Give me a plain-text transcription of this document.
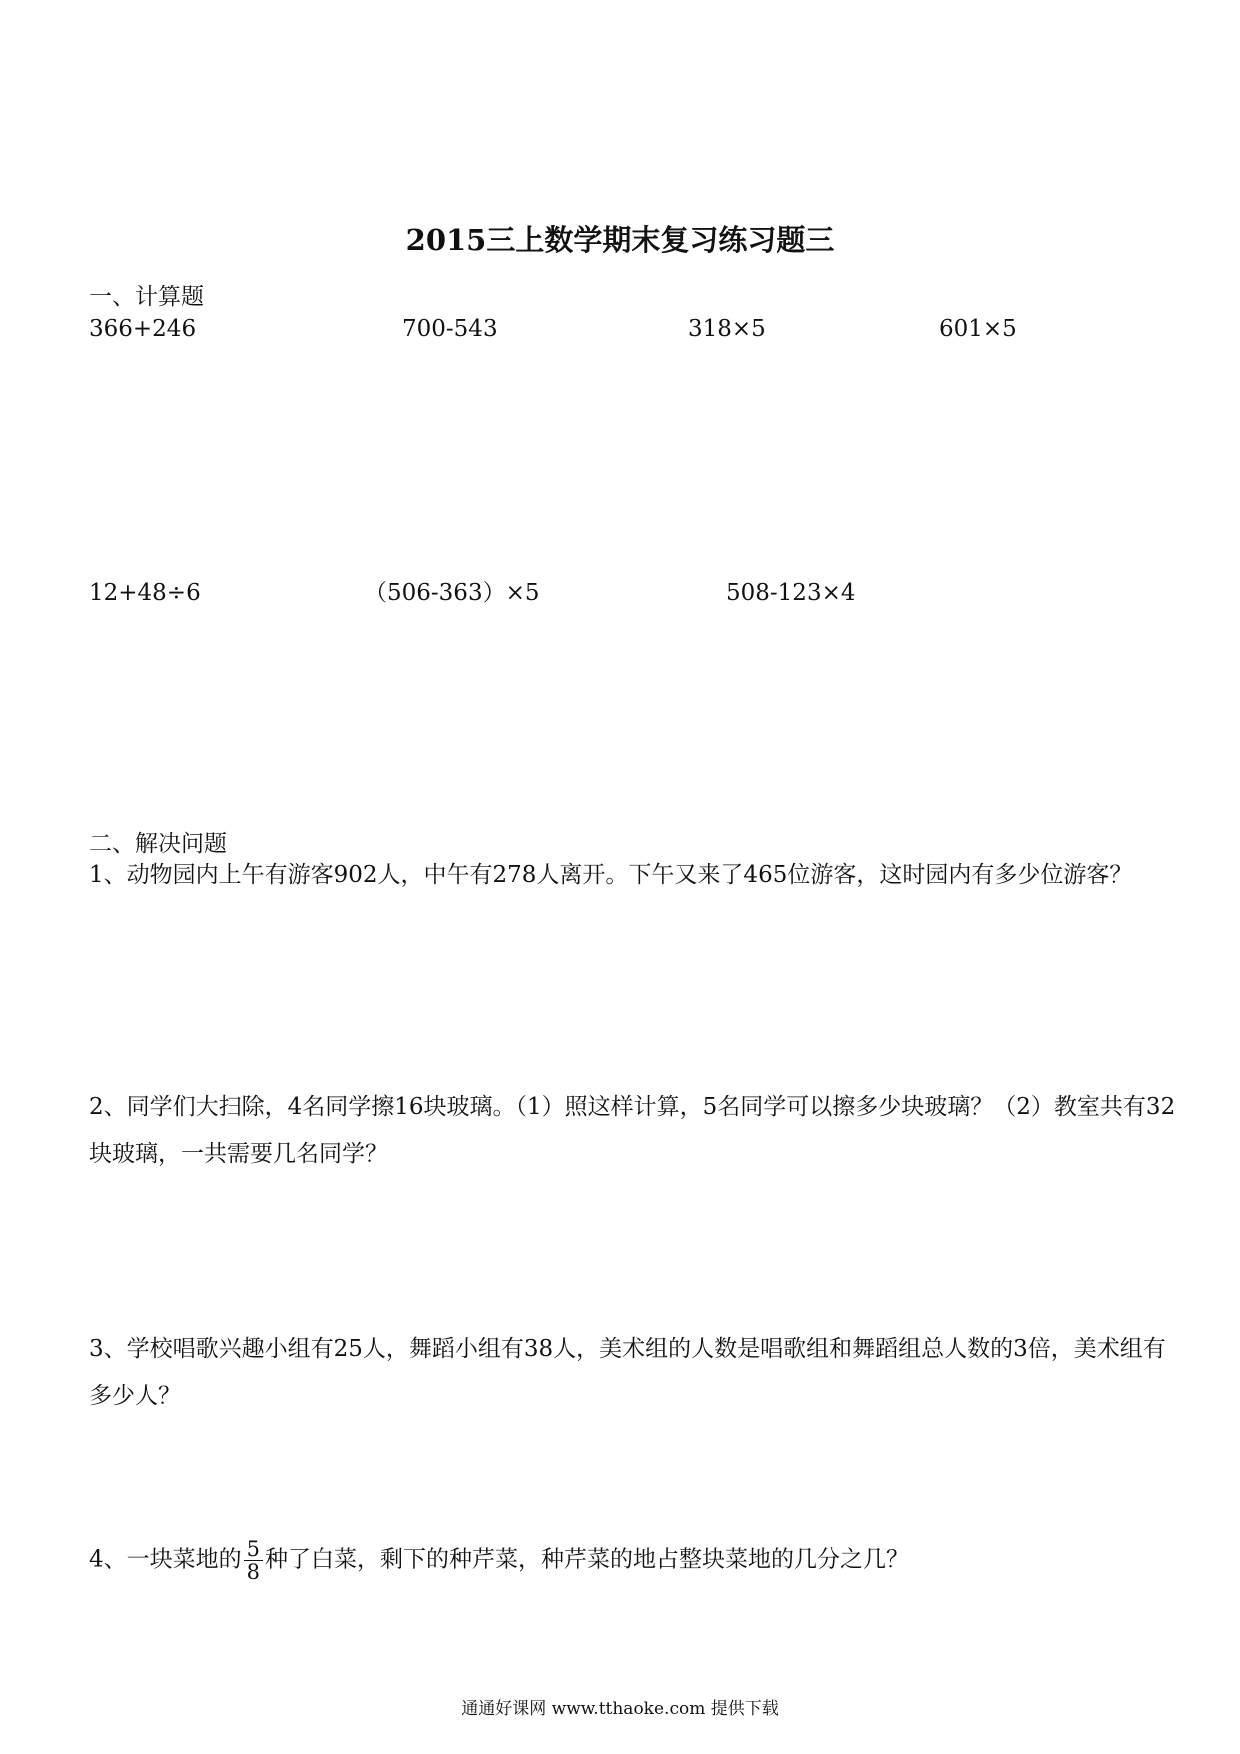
2015三上数学期末复习练习题三
一、计算题
366+246	700-543	318×5	601×5
12+48÷6	（506-363）×5	508-123×4
二、解决问题
1、动物园内上午有游客902人，中午有278人离开。下午又来了465位游客，这时园内有多少位游客？
2、同学们大扫除，4名同学擦16块玻璃。（1）照这样计算，5名同学可以擦多少块玻璃？（2）教室共有32块玻璃，一共需要几名同学？
3、学校唱歌兴趣小组有25人，舞蹈小组有38人，美术组的人数是唱歌组和舞蹈组总人数的3倍，美术组有多少人？
4、一块菜地的 $\frac{5}{8}$ 种了白菜，剩下的种芹菜，种芹菜的地占整块菜地的几分之几？
通通好课网 www.tthaoke.com 提供下载
